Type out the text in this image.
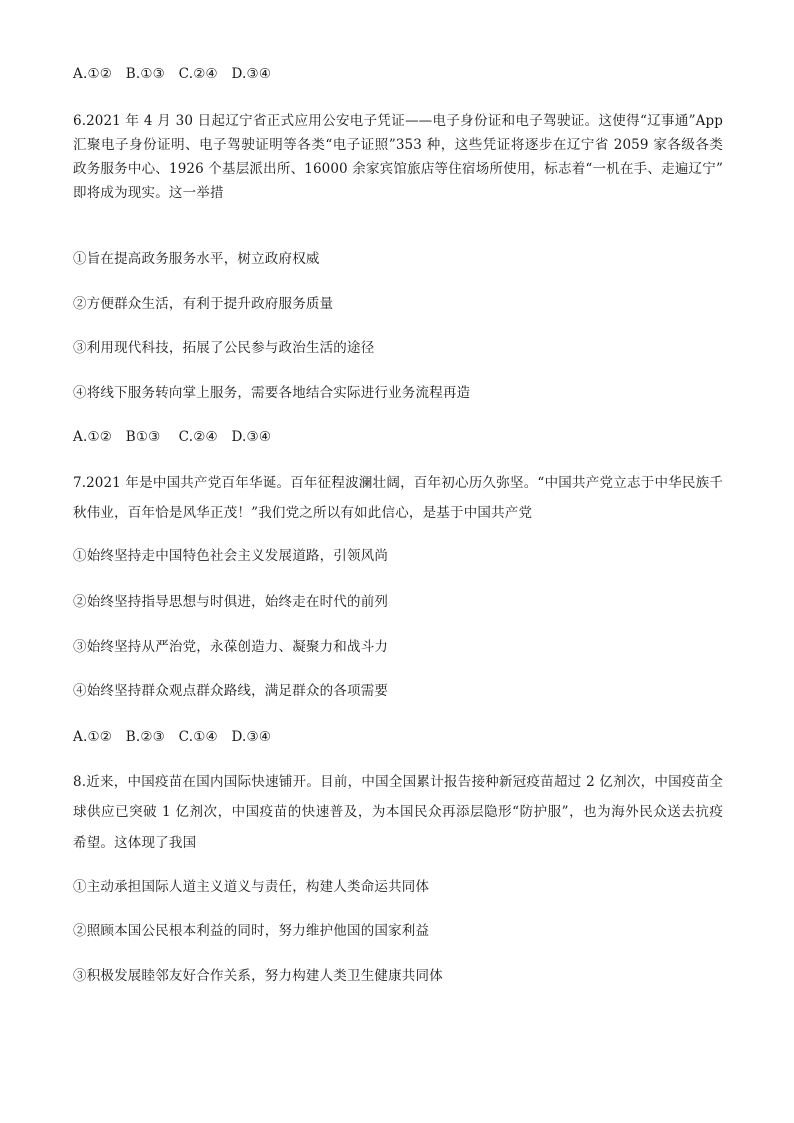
A.①②　B.①③　C.②④　D.③④
6.2021 年 4 月 30 日起辽宁省正式应用公安电子凭证——电子身份证和电子驾驶证。这使得“辽事通”App
汇聚电子身份证明、电子驾驶证明等各类“电子证照”353 种，这些凭证将逐步在辽宁省 2059 家各级各类
政务服务中心、1926 个基层派出所、16000 余家宾馆旅店等住宿场所使用，标志着“一机在手、走遍辽宁”
即将成为现实。这一举措
①旨在提高政务服务水平，树立政府权威
②方便群众生活，有利于提升政府服务质量
③利用现代科技，拓展了公民参与政治生活的途径
④将线下服务转向掌上服务，需要各地结合实际进行业务流程再造
A.①②　B①③　 C.②④　D.③④
7.2021 年是中国共产党百年华诞。百年征程波澜壮阔，百年初心历久弥坚。“中国共产党立志于中华民族千
秋伟业，百年恰是风华正茂！”我们党之所以有如此信心，是基于中国共产党
①始终坚持走中国特色社会主义发展道路，引领风尚
②始终坚持指导思想与时俱进，始终走在时代的前列
③始终坚持从严治党，永葆创造力、凝聚力和战斗力
④始终坚持群众观点群众路线，满足群众的各项需要
A.①②　B.②③　C.①④　D.③④
8.近来，中国疫苗在国内国际快速铺开。目前，中国全国累计报告接种新冠疫苗超过 2 亿剂次，中国疫苗全
球供应已突破 1 亿剂次，中国疫苗的快速普及，为本国民众再添层隐形“防护服”，也为海外民众送去抗疫
希望。这体现了我国
①主动承担国际人道主义道义与责任，构建人类命运共同体
②照顾本国公民根本利益的同时，努力维护他国的国家利益
③积极发展睦邻友好合作关系，努力构建人类卫生健康共同体
